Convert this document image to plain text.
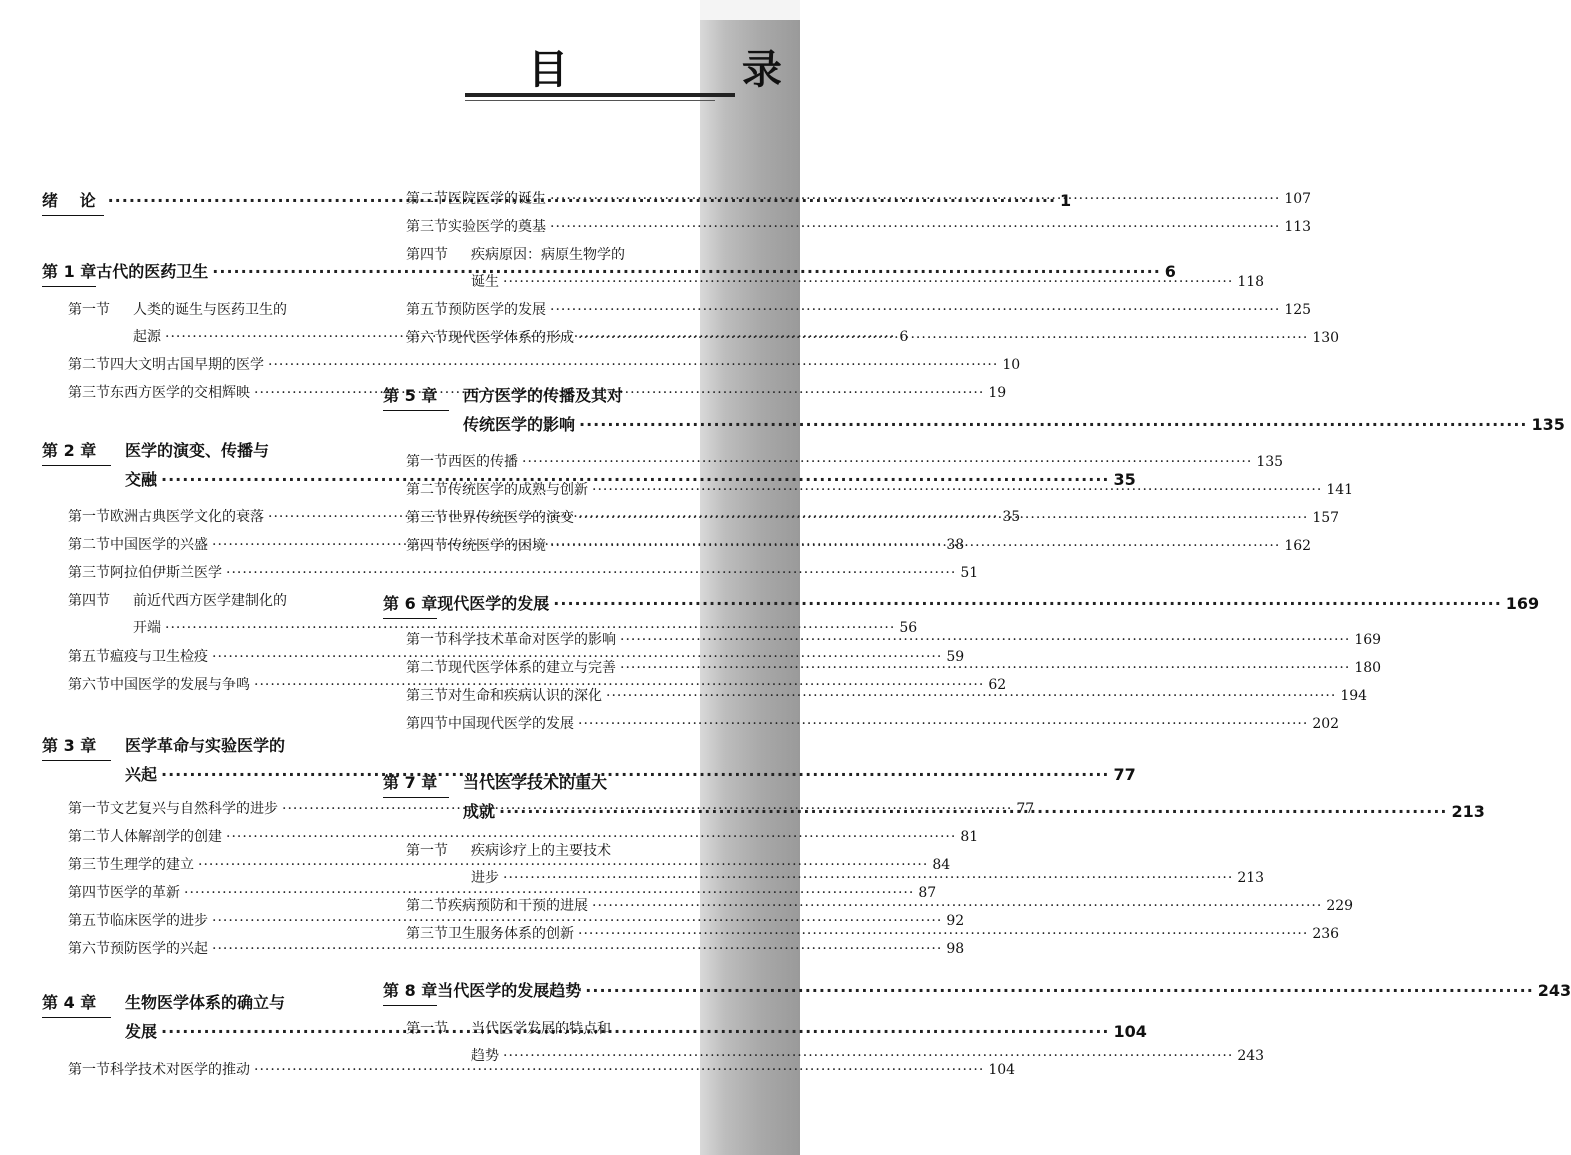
目 录
绪 论 ·····	1
第 1 章 古代的医药卫生 ·····	6
第一节	人类的诞生与医药卫生的
起源 ·····	6
第二节 四大文明古国早期的医学 ·····	10
第三节 东西方医学的交相辉映 ·····	19
第 2 章	医学的演变、传播与
交融 ·····	35
第一节 欧洲古典医学文化的衰落 ·····	35
第二节 中国医学的兴盛 ·····	38
第三节 阿拉伯伊斯兰医学 ·····	51
第四节	前近代西方医学建制化的
开端 ·····	56
第五节 瘟疫与卫生检疫 ·····	59
第六节 中国医学的发展与争鸣 ·····	62
第 3 章	医学革命与实验医学的
兴起 ·····	77
第一节 文艺复兴与自然科学的进步 ·····	77
第二节 人体解剖学的创建 ·····	81
第三节 生理学的建立 ·····	84
第四节 医学的革新 ·····	87
第五节 临床医学的进步 ·····	92
第六节 预防医学的兴起 ·····	98
第 4 章	生物医学体系的确立与
发展 ·····	104
第一节 科学技术对医学的推动 ·····	104
第二节 医院医学的诞生 ·····	107
第三节 实验医学的奠基 ·····	113
第四节	疾病原因：病原生物学的
诞生 ·····	118
第五节 预防医学的发展 ·····	125
第六节 现代医学体系的形成 ·····	130
第 5 章	西方医学的传播及其对
传统医学的影响 ·····	135
第一节 西医的传播 ·····	135
第二节 传统医学的成熟与创新 ·····	141
第三节 世界传统医学的演变 ·····	157
第四节 传统医学的困境 ·····	162
第 6 章 现代医学的发展 ·····	169
第一节 科学技术革命对医学的影响 ·····	169
第二节 现代医学体系的建立与完善 ·····	180
第三节 对生命和疾病认识的深化 ·····	194
第四节 中国现代医学的发展 ·····	202
第 7 章	当代医学技术的重大
成就 ·····	213
第一节	疾病诊疗上的主要技术
进步 ·····	213
第二节 疾病预防和干预的进展 ·····	229
第三节 卫生服务体系的创新 ·····	236
第 8 章 当代医学的发展趋势 ·····	243
第一节	当代医学发展的特点和
趋势 ·····	243
